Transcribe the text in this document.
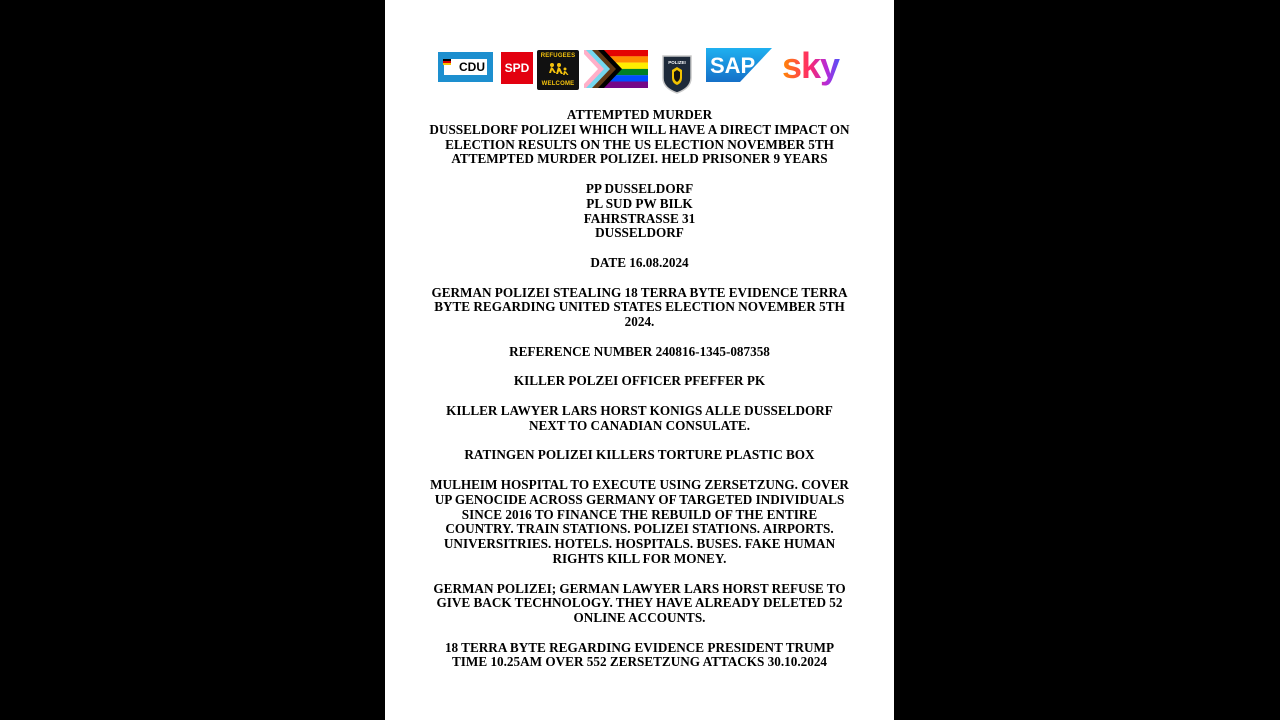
CDU	SPD
REFUGEES
WELCOME
POLIZEI SAP sky
ATTEMPTED MURDER
DUSSELDORF POLIZEI WHICH WILL HAVE A DIRECT IMPACT ON
ELECTION RESULTS ON THE US ELECTION NOVEMBER 5TH
ATTEMPTED MURDER POLIZEI. HELD PRISONER 9 YEARS
PP DUSSELDORF
PL SUD PW BILK
FAHRSTRASSE 31
DUSSELDORF
DATE 16.08.2024
GERMAN POLIZEI STEALING 18 TERRA BYTE EVIDENCE TERRA
BYTE REGARDING UNITED STATES ELECTION NOVEMBER 5TH
2024.
REFERENCE NUMBER 240816-1345-087358
KILLER POLZEI OFFICER PFEFFER PK
KILLER LAWYER LARS HORST KONIGS ALLE DUSSELDORF
NEXT TO CANADIAN CONSULATE.
RATINGEN POLIZEI KILLERS TORTURE PLASTIC BOX
MULHEIM HOSPITAL TO EXECUTE USING ZERSETZUNG. COVER
UP GENOCIDE ACROSS GERMANY OF TARGETED INDIVIDUALS
SINCE 2016 TO FINANCE THE REBUILD OF THE ENTIRE
COUNTRY. TRAIN STATIONS. POLIZEI STATIONS. AIRPORTS.
UNIVERSITRIES. HOTELS. HOSPITALS. BUSES. FAKE HUMAN
RIGHTS KILL FOR MONEY.
GERMAN POLIZEI; GERMAN LAWYER LARS HORST REFUSE TO
GIVE BACK TECHNOLOGY. THEY HAVE ALREADY DELETED 52
ONLINE ACCOUNTS.
18 TERRA BYTE REGARDING EVIDENCE PRESIDENT TRUMP
TIME 10.25AM OVER 552 ZERSETZUNG ATTACKS 30.10.2024
